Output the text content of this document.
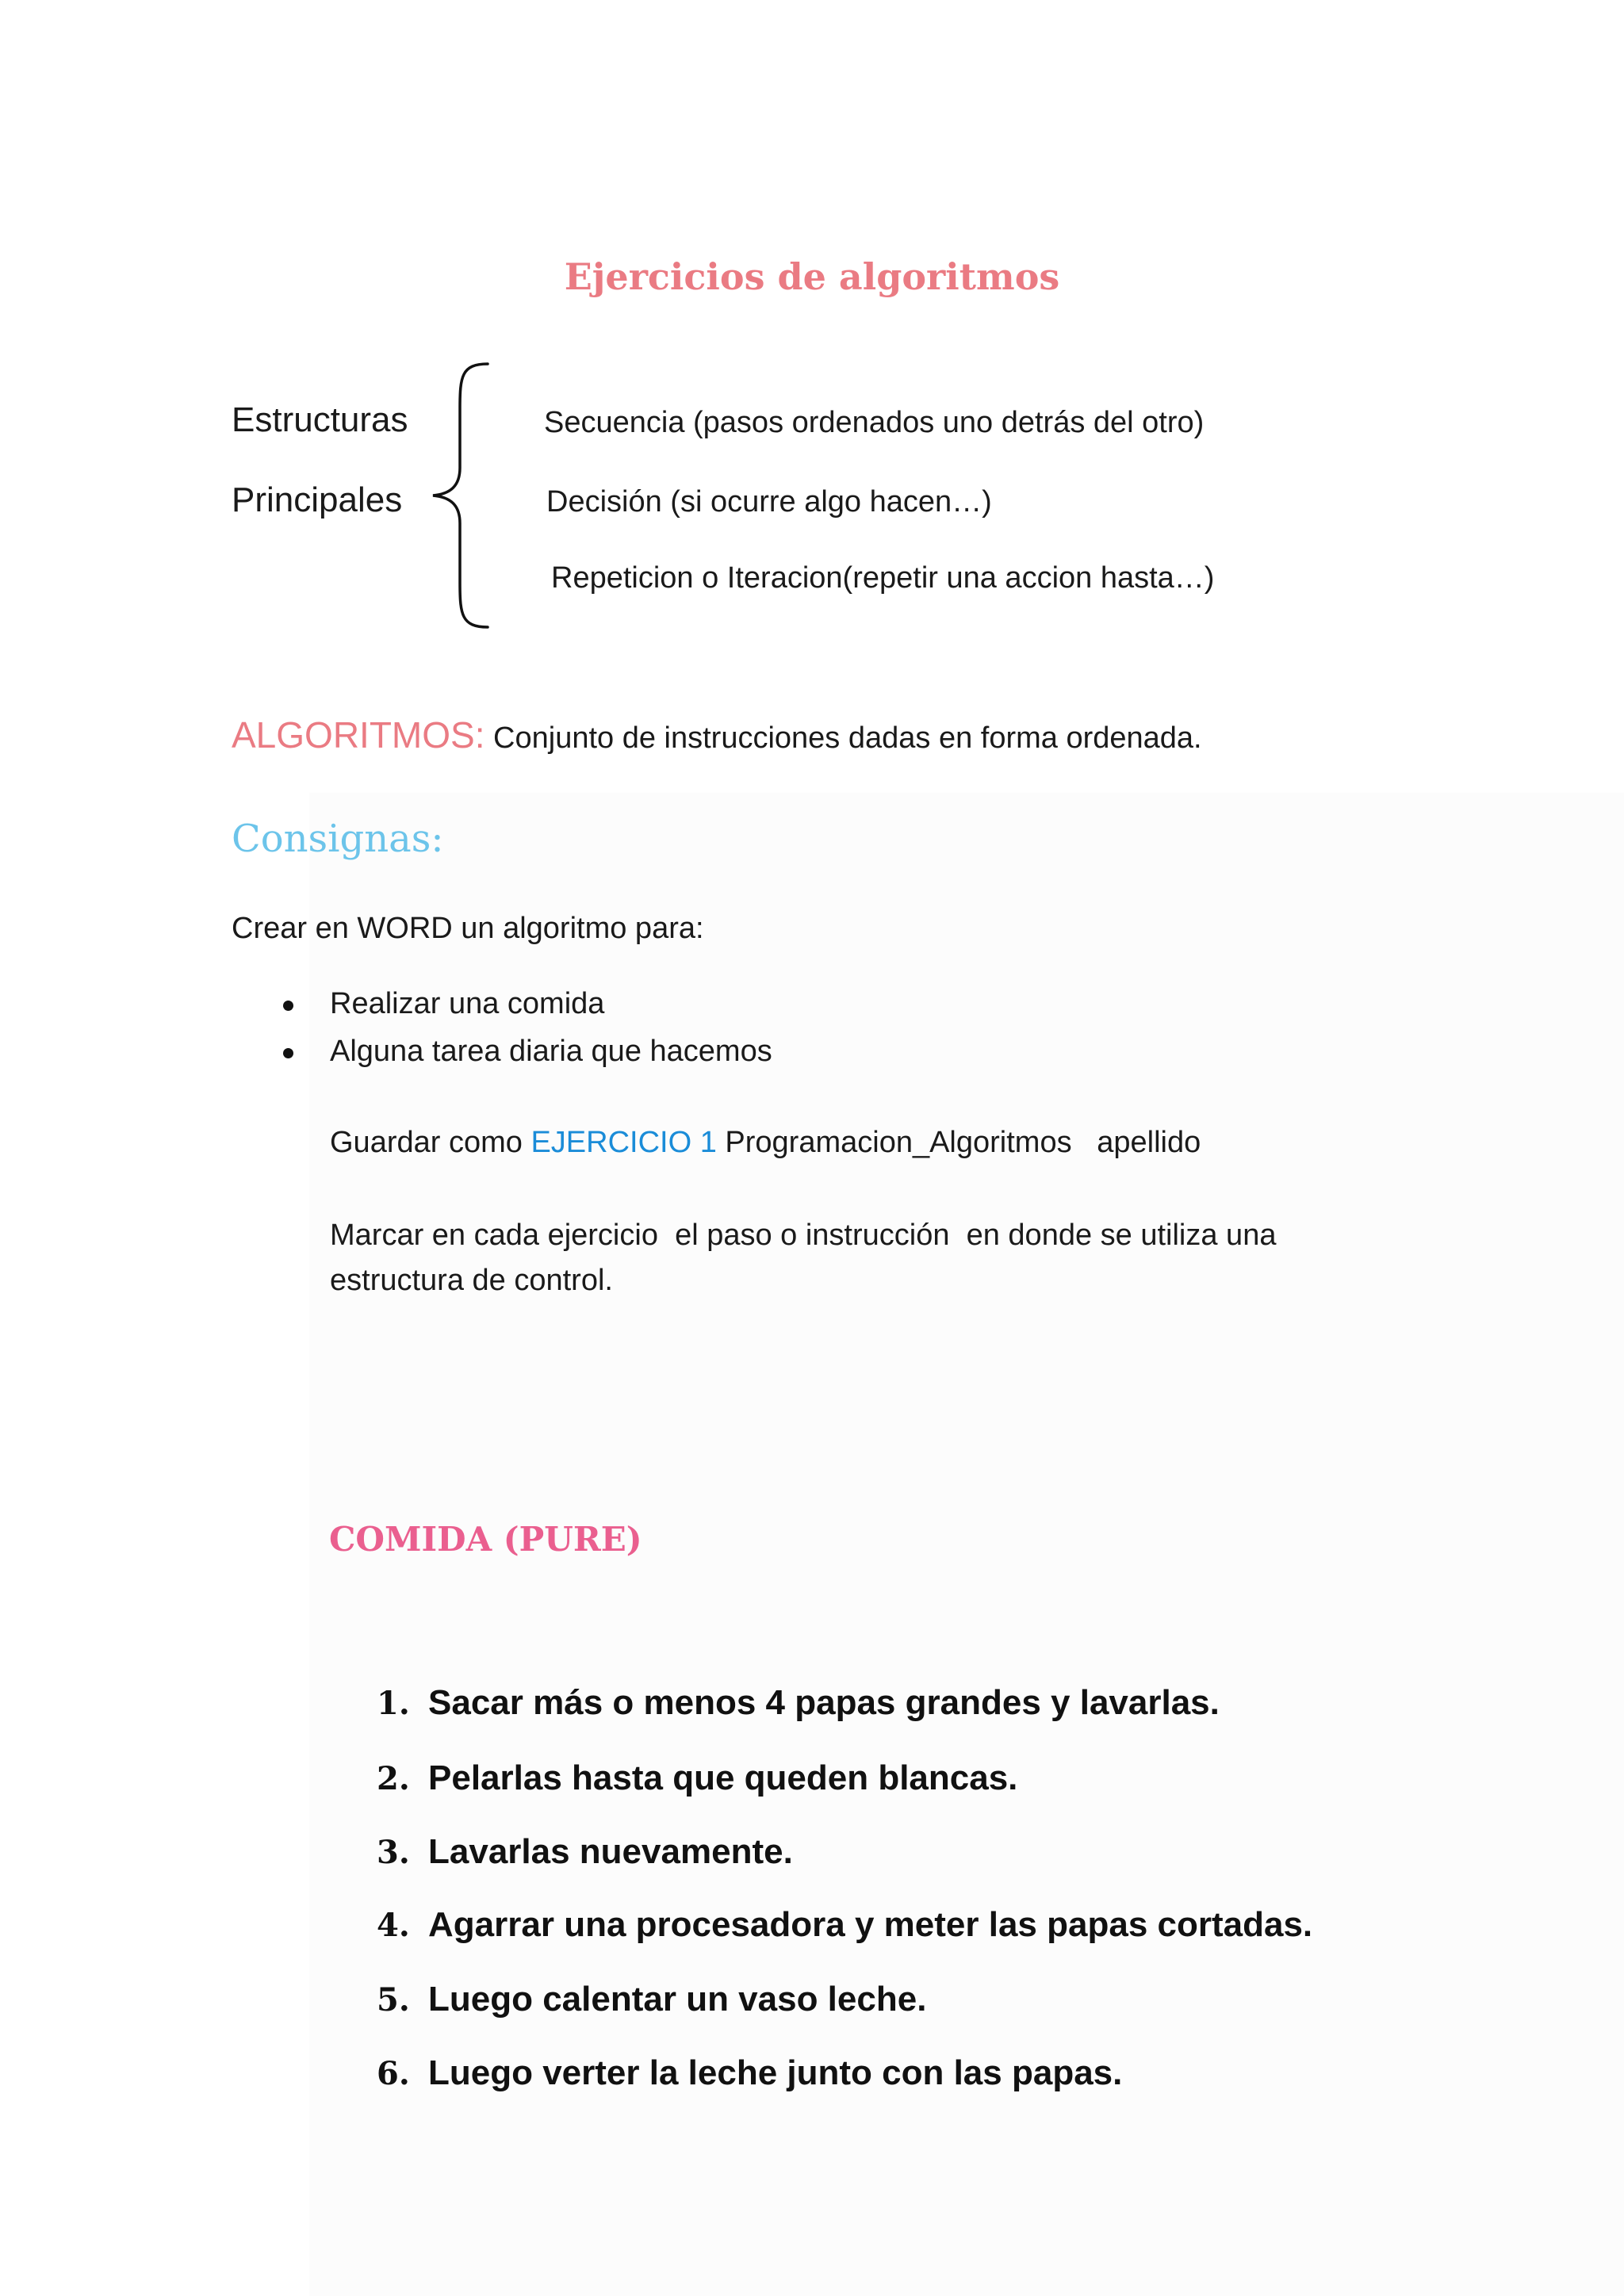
Ejercicios de algoritmos
Estructuras
Principales
Secuencia (pasos ordenados uno detrás del otro)
Decisión (si ocurre algo hacen…)
Repeticion o Iteracion(repetir una accion hasta…)
ALGORITMOS: Conjunto de instrucciones dadas en forma ordenada.
Consignas:
Crear en WORD un algoritmo para:
Realizar una comida
Alguna tarea diaria que hacemos
Guardar como EJERCICIO 1 Programacion_Algoritmos   apellido
Marcar en cada ejercicio  el paso o instrucción  en donde se utiliza una
estructura de control.
COMIDA (PURE)
1. Sacar más o menos 4 papas grandes y lavarlas.
2. Pelarlas hasta que queden blancas.
3. Lavarlas nuevamente.
4. Agarrar una procesadora y meter las papas cortadas.
5. Luego calentar un vaso leche.
6. Luego verter la leche junto con las papas.
